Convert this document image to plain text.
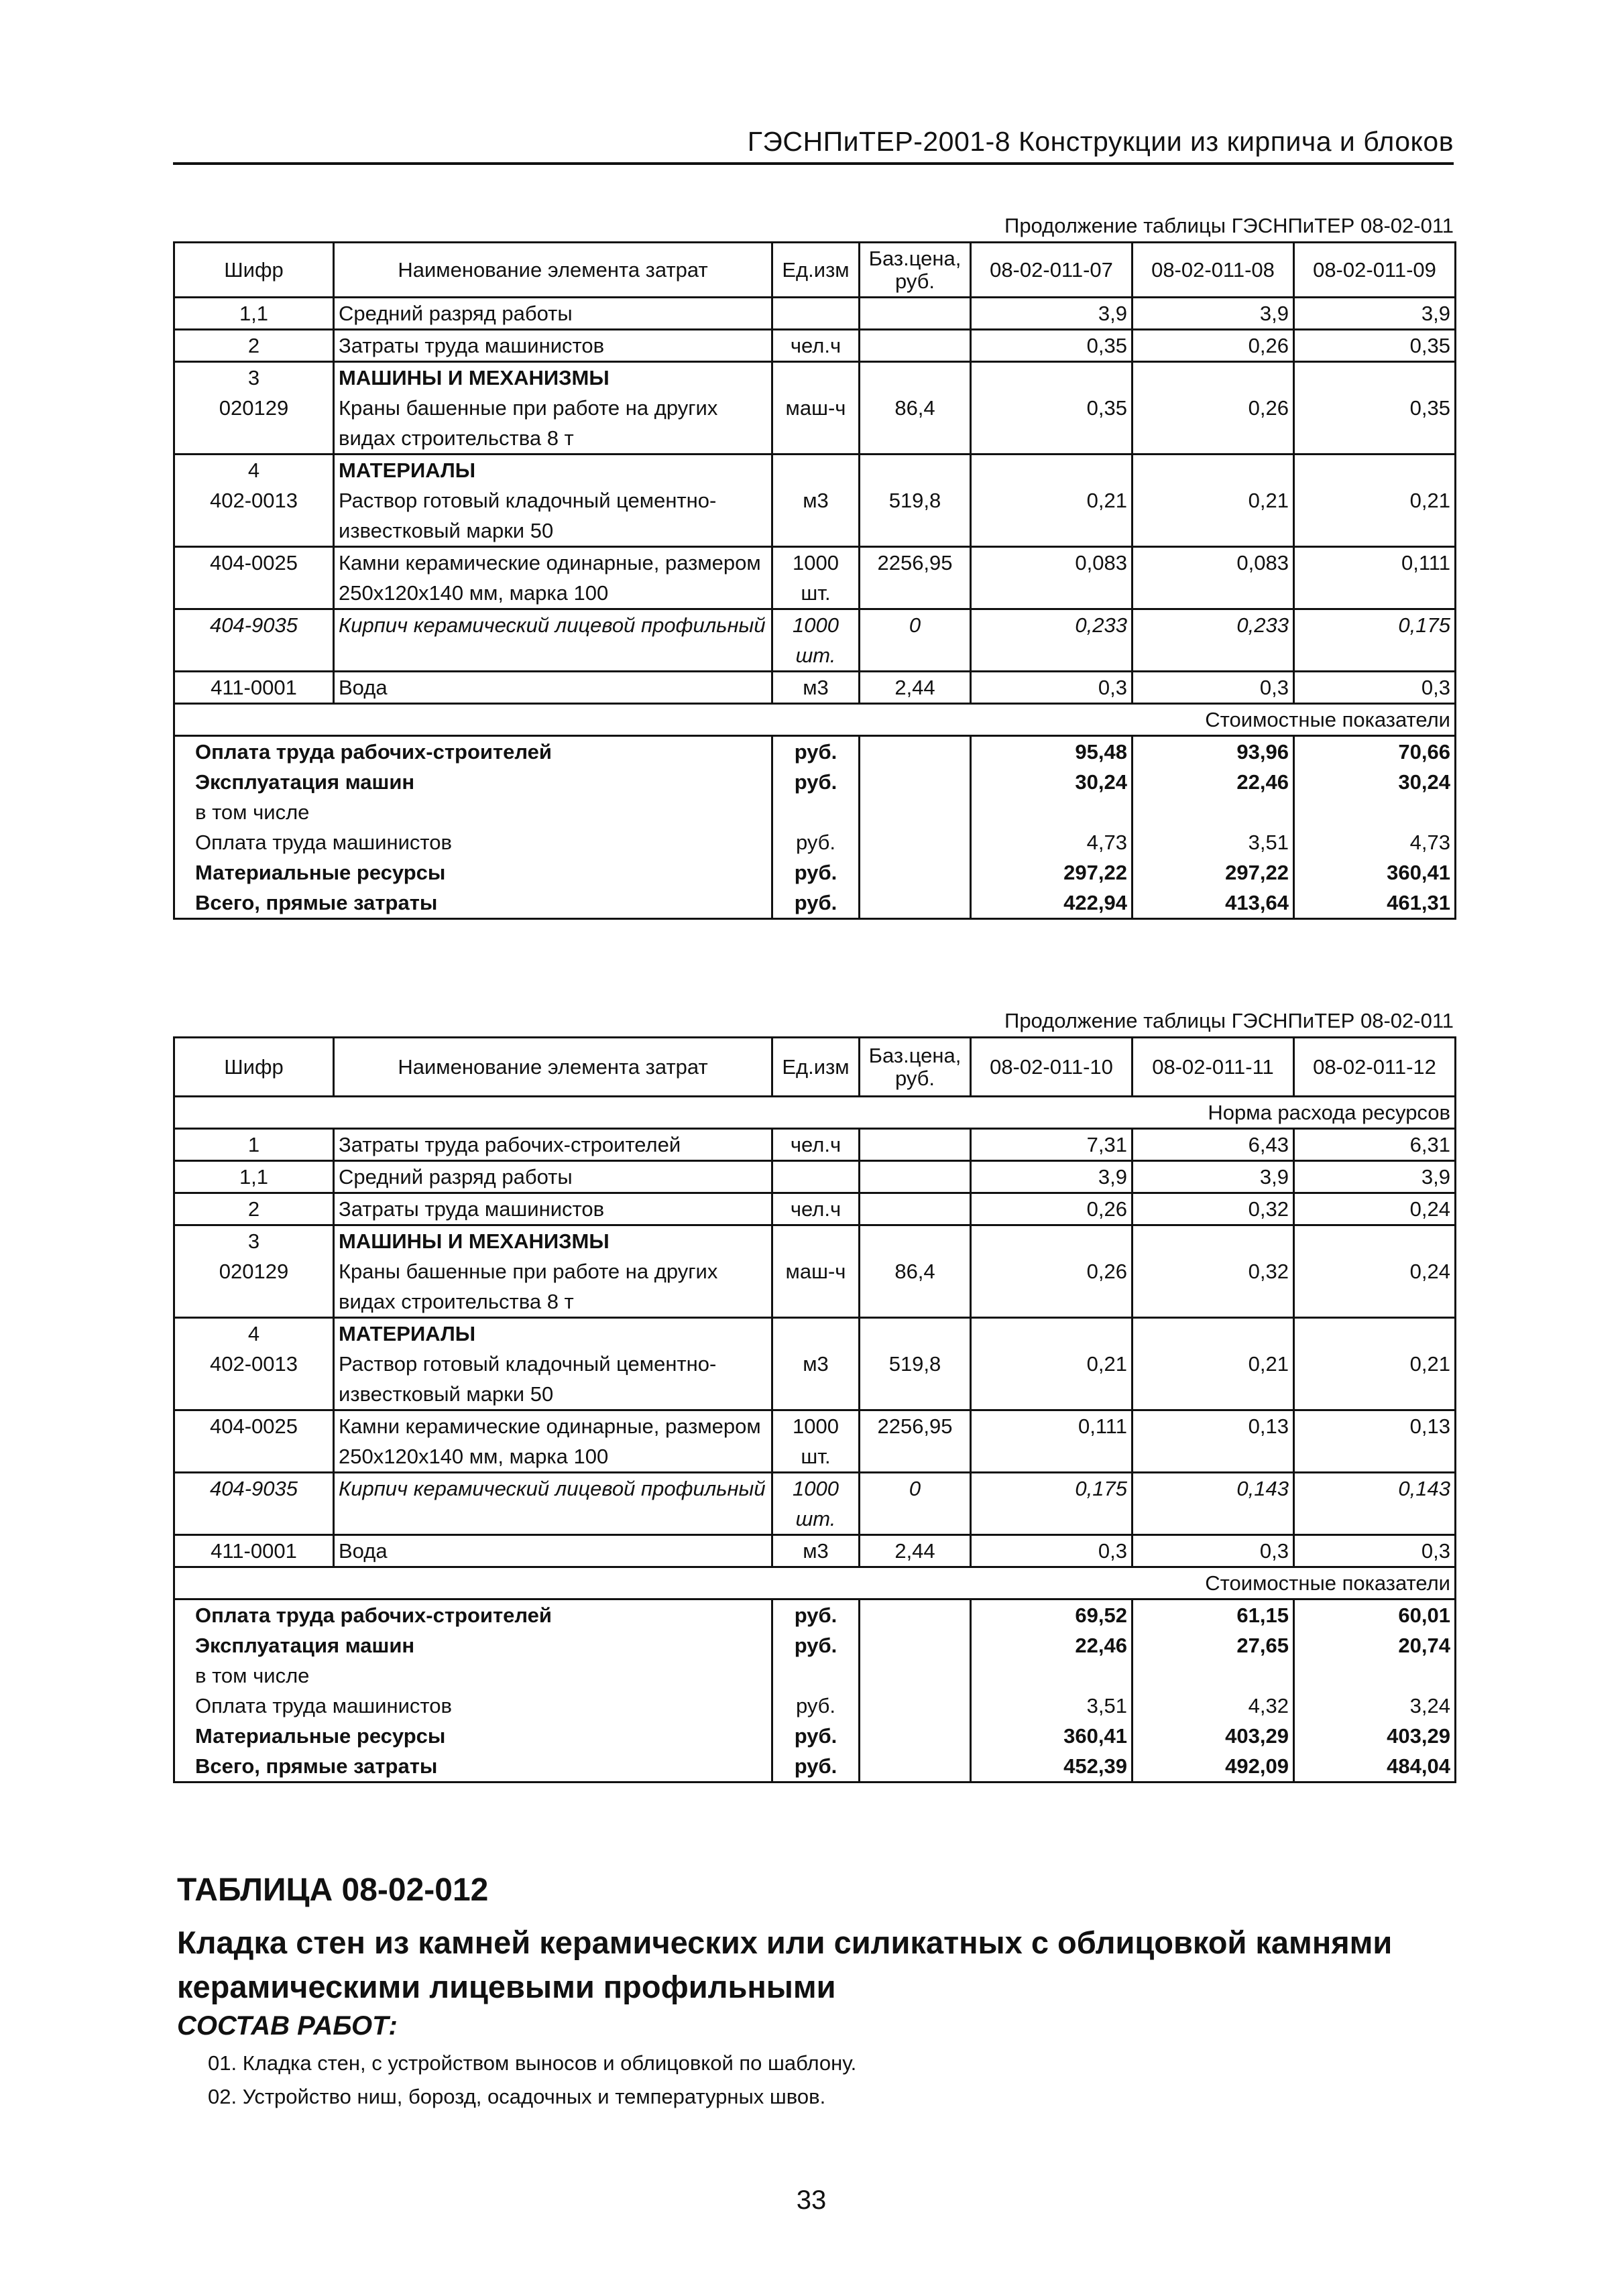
ГЭСНПиТЕР-2001-8 Конструкции из кирпича и блоков
Продолжение таблицы ГЭСНПиТЕР 08-02-011
Шифр	Наименование элемента затрат	Ед.изм	Баз.цена, руб.	08-02-011-07	08-02-011-08	08-02-011-09
1,1	Средний разряд работы			3,9	3,9	3,9
2	Затраты труда машинистов	чел.ч		0,35	0,26	0,35
3	МАШИНЫ И МЕХАНИЗМЫ					
020129	Краны башенные при работе на других видах строительства 8 т	маш-ч	86,4	0,35	0,26	0,35
4	МАТЕРИАЛЫ					
402-0013	Раствор готовый кладочный цементно-известковый марки 50	м3	519,8	0,21	0,21	0,21
404-0025	Камни керамические одинарные, размером 250x120x140 мм, марка 100	1000 шт.	2256,95	0,083	0,083	0,111
404-9035	Кирпич керамический лицевой профильный	1000 шт.	0	0,233	0,233	0,175
411-0001	Вода	м3	2,44	0,3	0,3	0,3
Стоимостные показатели						
Оплата труда рабочих-строителей		руб.		95,48	93,96	70,66
Эксплуатация машин		руб.		30,24	22,46	30,24
в том числе						
Оплата труда машинистов		руб.		4,73	3,51	4,73
Материальные ресурсы		руб.		297,22	297,22	360,41
Всего, прямые затраты		руб.		422,94	413,64	461,31
Продолжение таблицы ГЭСНПиТЕР 08-02-011
Шифр	Наименование элемента затрат	Ед.изм	Баз.цена, руб.	08-02-011-10	08-02-011-11	08-02-011-12
Норма расхода ресурсов						
1	Затраты труда рабочих-строителей	чел.ч		7,31	6,43	6,31
1,1	Средний разряд работы			3,9	3,9	3,9
2	Затраты труда машинистов	чел.ч		0,26	0,32	0,24
3	МАШИНЫ И МЕХАНИЗМЫ					
020129	Краны башенные при работе на других видах строительства 8 т	маш-ч	86,4	0,26	0,32	0,24
4	МАТЕРИАЛЫ					
402-0013	Раствор готовый кладочный цементно-известковый марки 50	м3	519,8	0,21	0,21	0,21
404-0025	Камни керамические одинарные, размером 250x120x140 мм, марка 100	1000 шт.	2256,95	0,111	0,13	0,13
404-9035	Кирпич керамический лицевой профильный	1000 шт.	0	0,175	0,143	0,143
411-0001	Вода	м3	2,44	0,3	0,3	0,3
Стоимостные показатели						
Оплата труда рабочих-строителей		руб.		69,52	61,15	60,01
Эксплуатация машин		руб.		22,46	27,65	20,74
в том числе						
Оплата труда машинистов		руб.		3,51	4,32	3,24
Материальные ресурсы		руб.		360,41	403,29	403,29
Всего, прямые затраты		руб.		452,39	492,09	484,04
ТАБЛИЦА 08-02-012
Кладка стен из камней керамических или силикатных с облицовкой камнями керамическими лицевыми профильными
СОСТАВ РАБОТ:
01. Кладка стен, с устройством выносов и облицовкой по шаблону.
02. Устройство ниш, борозд, осадочных и температурных швов.
33
